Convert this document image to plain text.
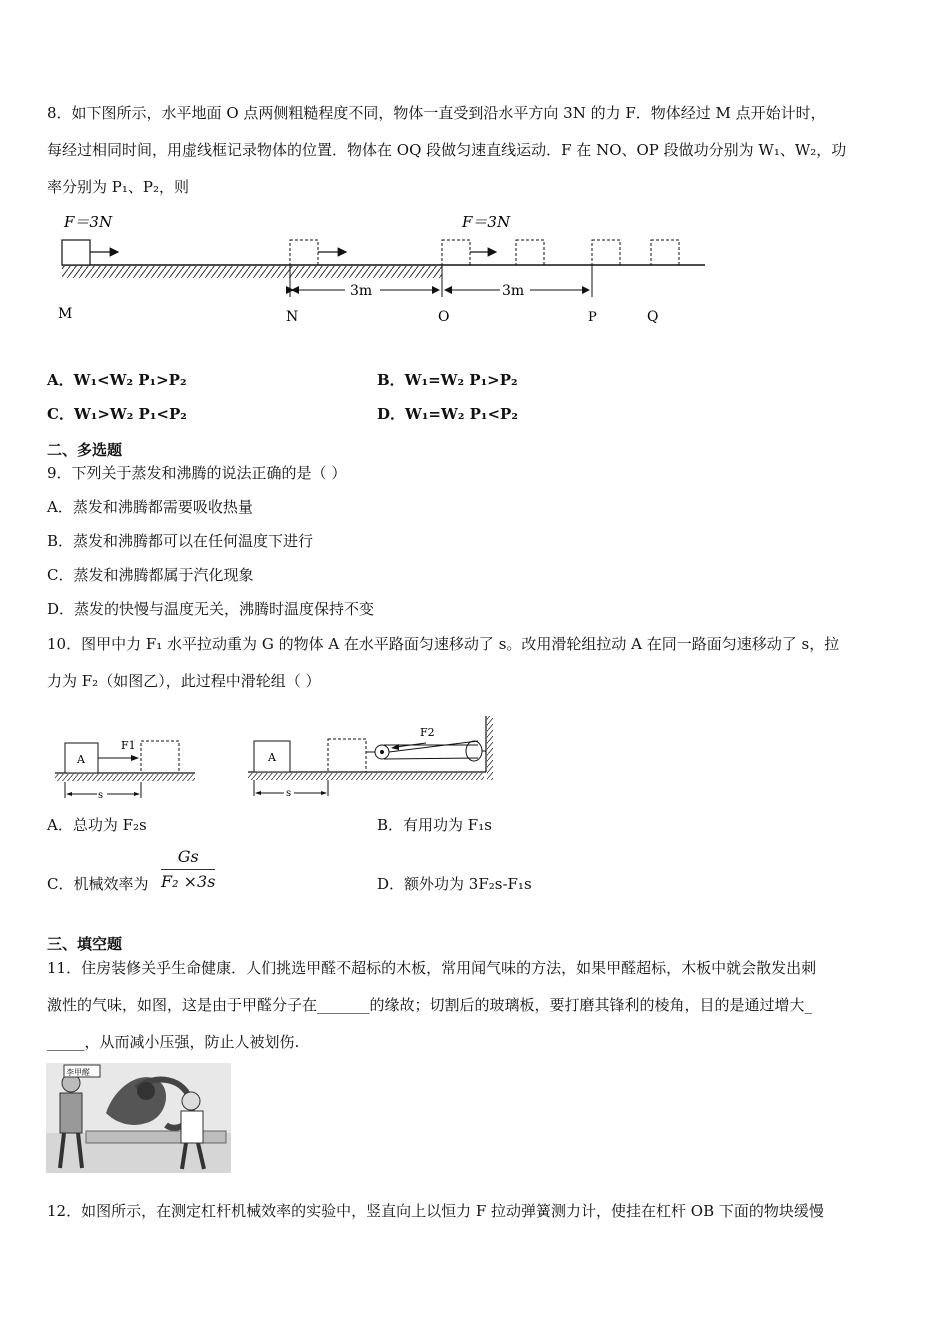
8．如下图所示，水平地面 O 点两侧粗糙程度不同，物体一直受到沿水平方向 3N 的力 F．物体经过 M 点开始计时，
每经过相同时间，用虚线框记录物体的位置．物体在 OQ 段做匀速直线运动．F 在 NO、OP 段做功分别为 W₁、W₂，功
率分别为 P₁、P₂，则
F＝3N	F＝3N
3m	3m
M	N	O	P	Q
A．W₁<W₂ P₁>P₂	B．W₁=W₂ P₁>P₂
C．W₁>W₂ P₁<P₂	D．W₁=W₂ P₁<P₂
二、多选题
9．下列关于蒸发和沸腾的说法正确的是（ ）
A．蒸发和沸腾都需要吸收热量
B．蒸发和沸腾都可以在任何温度下进行
C．蒸发和沸腾都属于汽化现象
D．蒸发的快慢与温度无关，沸腾时温度保持不变
10．图甲中力 F₁ 水平拉动重为 G 的物体 A 在水平路面匀速移动了 s。改用滑轮组拉动 A 在同一路面匀速移动了 s，拉
力为 F₂（如图乙），此过程中滑轮组（ ）
A
F1
s
A
F2
s
A．总功为 F₂s	B．有用功为 F₁s
C．机械效率为 $\frac{Gs}{\text{F₂ ×3s}}$	D．额外功为 3F₂s-F₁s
三、填空题
11．住房装修关乎生命健康．人们挑选甲醛不超标的木板，常用闻气味的方法，如果甲醛超标，木板中就会散发出刺
激性的气味，如图，这是由于甲醛分子在_______的缘故；切割后的玻璃板，要打磨其锋利的棱角，目的是通过增大_
_____，从而减小压强，防止人被划伤.
李甲醛
12．如图所示，在测定杠杆机械效率的实验中，竖直向上以恒力 F 拉动弹簧测力计，使挂在杠杆 OB 下面的物块缓慢
